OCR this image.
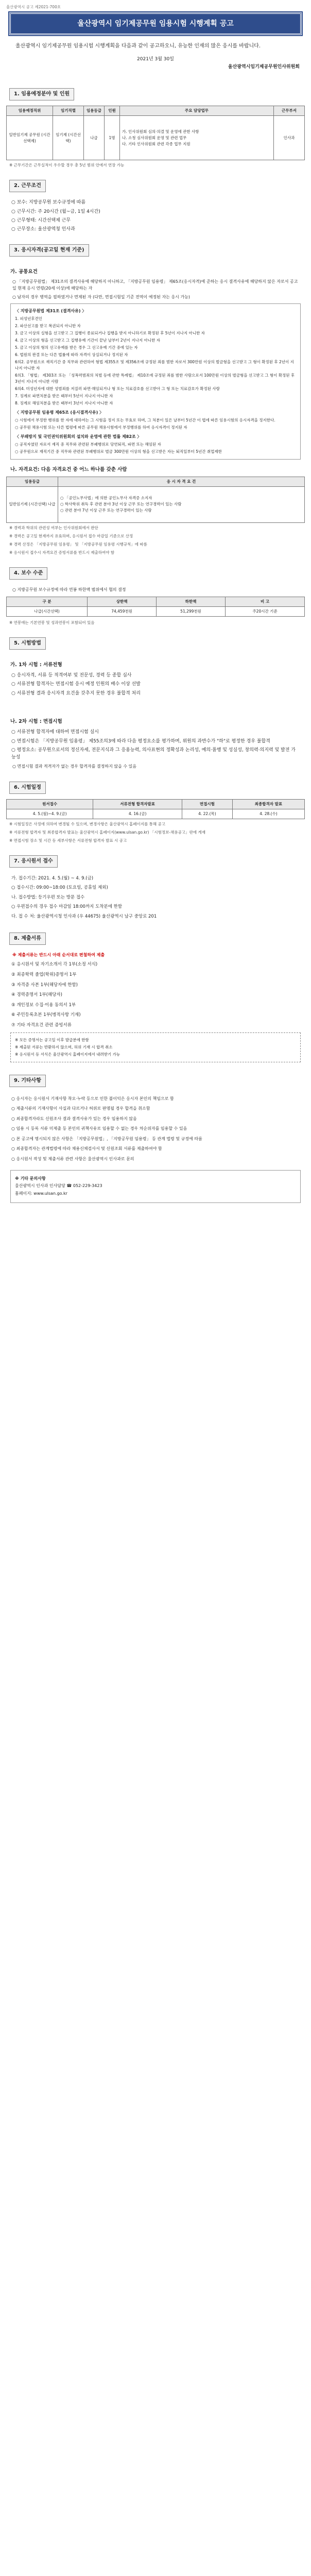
울산광역시 공고 제2021-700호
울산광역시 임기제공무원 임용시험 시행계획 공고

울산광역시 임기제공무원 임용시험 시행계획을 다음과 같이 공고하오니, 유능한 인재의 많은 응시를 바랍니다.

2021년 3월 30일

울산광역시임기제공무원인사위원회

1. 임용예정분야 및 인원
임용예정직위	임기직렬	임용등급	인원	주요 담당업무	근무부서
일반임기제 공무원 (시간선택제)	임기제 (시간선택)	나급	1명	가. 인사위원회 심의·의결 및 운영에 관한 사항
나. 소청 심사위원회 운영 및 관련 업무
다. 기타 인사위원회 관련 각종 업무 지원	인사과

※ 근무기간은 근무실적이 우수할 경우 총 5년 범위 안에서 연장 가능

2. 근무조건
○ 보수: 지방공무원 보수규정에 따름
○ 근무시간: 주 20시간 (월~금, 1일 4시간)
○ 근무형태: 시간선택제 근무
○ 근무장소: 울산광역청 인사과
3. 응시자격(공고일 현재 기준)

가. 공통요건

○ 「지방공무원법」 제31조의 결격사유에 해당하지 아니하고, 「지방공무원 임용령」 제65조(응시자격)에 준하는 응시 결격사유에 해당하지 않은 자로서 공고일 현재 응시 연령(20세 이상)에 해당하는 자

○ 남자의 경우 병역을 필하였거나 면제된 자 (다만, 면접시험일 기준 전역이 예정된 자는 응시 가능)

〈 지방공무원법 제31조 (결격사유) 〉

1. 피성년후견인

2. 파산선고를 받고 복권되지 아니한 자

3. 금고 이상의 실형을 선고받고 그 집행이 종료되거나 집행을 받지 아니하기로 확정된 후 5년이 지나지 아니한 자

4. 금고 이상의 형을 선고받고 그 집행유예 기간이 끝난 날부터 2년이 지나지 아니한 자

5. 금고 이상의 형의 선고유예를 받은 경우 그 선고유예 기간 중에 있는 자

6. 법원의 판결 또는 다른 법률에 따라 자격이 상실되거나 정지된 자

6의2. 공무원으로 재직기간 중 직무와 관련하여 형법 제355조 및 제356조에 규정된 죄를 범한 자로서 300만원 이상의 벌금형을 선고받고 그 형이 확정된 후 2년이 지나지 아니한 자

6의3. 「형법」 제303조 또는 「성폭력범죄의 처벌 등에 관한 특례법」 제10조에 규정된 죄를 범한 사람으로서 100만원 이상의 벌금형을 선고받고 그 형이 확정된 후 3년이 지나지 아니한 사람

6의4. 미성년자에 대한 성범죄를 저질러 파면·해임되거나 형 또는 치료감호를 선고받아 그 형 또는 치료감호가 확정된 사람

7. 징계로 파면처분을 받은 때부터 5년이 지나지 아니한 자

8. 징계로 해임처분을 받은 때부터 3년이 지나지 아니한 자

〈 지방공무원 임용령 제65조 (응시결격사유) 〉

○ 시험에서 부정한 행위를 한 자에 대하여는 그 시험을 정지 또는 무효로 하며, 그 처분이 있은 날부터 5년간 이 법에 따른 임용시험의 응시자격을 정지한다.

○ 공무원 채용시험 또는 다른 법령에 따른 공무원 채용시험에서 부정행위를 하여 응시자격이 정지된 자

〈 부패방지 및 국민권익위원회의 설치와 운영에 관한 법률 제82조 〉

○ 공직자였던 자로서 재직 중 직무와 관련된 부패행위로 당연퇴직, 파면 또는 해임된 자

○ 공무원으로 재직기간 중 직무와 관련된 부패행위로 벌금 300만원 이상의 형을 선고받은 자는 퇴직일부터 5년간 취업제한

나. 자격요건: 다음 자격요건 중 어느 하나를 갖춘 사람

임용등급	응 시 자 격 요 건
일반임기제 (시간선택) 나급	○ 「공인노무사법」에 의한 공인노무사 자격증 소지자
○ 학사학위 취득 후 관련 분야 3년 이상 근무 또는 연구경력이 있는 사람
○ 관련 분야 7년 이상 근무 또는 연구경력이 있는 사람

※ 경력과 학위의 관련성 여부는 인사위원회에서 판단

※ 경력은 공고일 현재까지 유효하며, 응시원서 접수 마감일 기준으로 산정

※ 경력 산정은 「지방공무원 임용령」 및 「지방공무원 임용령 시행규칙」에 따름

※ 응시원서 접수시 자격요건 증빙서류를 반드시 제출하여야 함

4. 보수 수준

○ 지방공무원 보수규정에 따라 연봉 하한액 범위에서 협의 결정

구 분	상한액	하한액	비 고
나급(시간선택)	74,459천원	51,299천원	주20시간 기준

※ 연봉에는 기본연봉 및 성과연봉이 포함되어 있음

5. 시험방법

가. 1차 시험 : 서류전형

○ 응시자격, 서류 등 적격여부 및 전문성, 경력 등 종합 심사
○ 서류전형 합격자는 면접시험 응시 예정 인원의 배수 이상 선발
○ 서류전형 결과 응시자격 요건을 갖추지 못한 경우 불합격 처리

나. 2차 시험 : 면접시험

○ 서류전형 합격자에 대하여 면접시험 실시
○ 면접시험은 「지방공무원 임용령」 제55조의3에 따라 다음 평정요소를 평가하며, 위원의 과반수가 "하"로 평정한 경우 불합격
○ 평정요소: 공무원으로서의 정신자세, 전문지식과 그 응용능력, 의사표현의 정확성과 논리성, 예의·품행 및 성실성, 창의력·의지력 및 발전 가능성

○ 면접시험 결과 적격자가 없는 경우 합격자를 결정하지 않을 수 있음

6. 시험일정
원서접수	서류전형 합격자발표	면접시험	최종합격자 발표
4. 5.(월)~4. 9.(금)	4. 16.(금)	4. 22.(목)	4. 28.(수)

※ 시험일정은 사정에 의하여 변경될 수 있으며, 변경사항은 울산광역시 홈페이지를 통해 공고

※ 서류전형 합격자 및 최종합격자 발표는 울산광역시 홈페이지(www.ulsan.go.kr) 「시험정보-채용공고」란에 게재

※ 면접시험 장소 및 시간 등 세부사항은 서류전형 합격자 발표 시 공고

7. 응시원서 접수
가. 접수기간: 2021. 4. 5.(월) ~ 4. 9.(금)
○ 접수시간: 09:00~18:00 (토요일, 공휴일 제외)
나. 접수방법: 등기우편 또는 방문 접수
○ 우편접수의 경우 접수 마감일 18:00까지 도착분에 한함
다. 접 수 처: 울산광역시청 인사과 (우 44675) 울산광역시 남구 중앙로 201
8. 제출서류

※ 제출서류는 반드시 아래 순서대로 편철하여 제출

① 응시원서 및 자기소개서 각 1부(소정 서식)
② 최종학력 졸업(학위)증명서 1부
③ 자격증 사본 1부(해당자에 한함)
④ 경력증명서 1부(해당자)
⑤ 개인정보 수집·이용 동의서 1부
⑥ 주민등록초본 1부(병적사항 기재)
⑦ 기타 자격요건 관련 증빙서류

※ 모든 증명서는 공고일 이후 발급분에 한함

※ 제출된 서류는 반환하지 않으며, 허위 기재 시 합격 취소

※ 응시원서 등 서식은 울산광역시 홈페이지에서 내려받기 가능

9. 기타사항
○ 응시자는 응시원서 기재사항 착오·누락 등으로 인한 불이익은 응시자 본인의 책임으로 함
○ 제출서류의 기재사항이 사실과 다르거나 허위로 판명될 경우 합격을 취소함
○ 최종합격자라도 신원조사 결과 결격사유가 있는 경우 임용하지 않음
○ 임용 시 등록 서류 미제출 등 본인의 귀책사유로 임용할 수 없는 경우 차순위자를 임용할 수 있음
○ 본 공고에 명시되지 않은 사항은 「지방공무원법」, 「지방공무원 임용령」 등 관계 법령 및 규정에 따름
○ 최종합격자는 관계법령에 따라 채용신체검사서 및 신원조회 서류를 제출하여야 함
○ 응시원서 작성 및 제출서류 관련 사항은 울산광역시 인사과로 문의

※ 기타 문의사항

울산광역시 인사과 인사담당 ☎ 052-229-3423

홈페이지: www.ulsan.go.kr
